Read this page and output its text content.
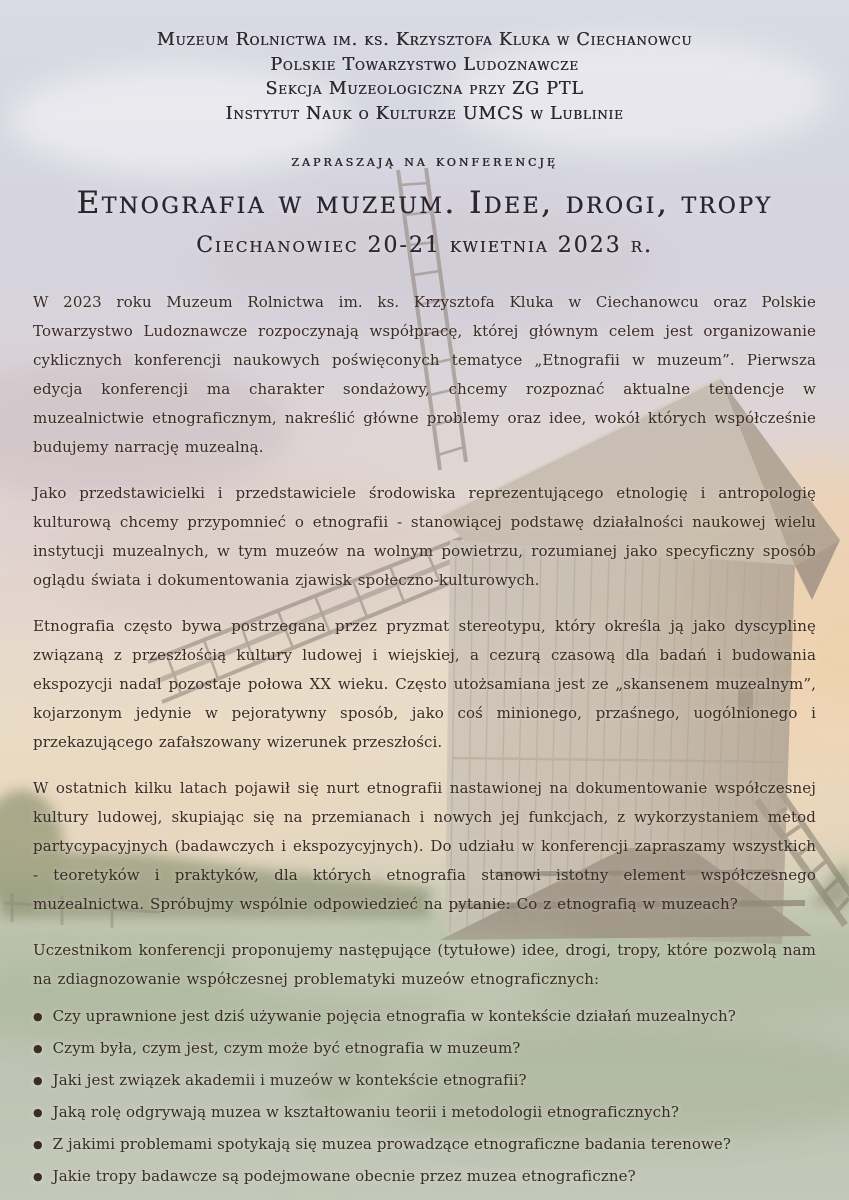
Muzeum Rolnictwa im. ks. Krzysztofa Kluka w Ciechanowcu
Polskie Towarzystwo Ludoznawcze
Sekcja Muzeologiczna przy ZG PTL
Instytut Nauk o Kulturze UMCS w Lublinie
zapraszają na konferencję
Etnografia w muzeum. Idee, drogi, tropy
Ciechanowiec 20-21 kwietnia 2023 r.

W 2023 roku Muzeum Rolnictwa im. ks. Krzysztofa Kluka w Ciechanowcu oraz Polskie Towarzystwo Ludoznawcze rozpoczynają współpracę, której głównym celem jest organizowanie cyklicznych konferencji naukowych poświęconych tematyce „Etnografii w muzeum”. Pierwsza edycja konferencji ma charakter sondażowy, chcemy rozpoznać aktualne tendencje w muzealnictwie etnograficznym, nakreślić główne problemy oraz idee, wokół których współcześnie budujemy narrację muzealną.

Jako przedstawicielki i przedstawiciele środowiska reprezentującego etnologię i antropologię kulturową chcemy przypomnieć o etnografii - stanowiącej podstawę działalności naukowej wielu instytucji muzealnych, w tym muzeów na wolnym powietrzu, rozumianej jako specyficzny sposób oglądu świata i dokumentowania zjawisk społeczno-kulturowych.

Etnografia często bywa postrzegana przez pryzmat stereotypu, który określa ją jako dyscyplinę związaną z przeszłością kultury ludowej i wiejskiej, a cezurą czasową dla badań i budowania ekspozycji nadal pozostaje połowa XX wieku. Często utożsamiana jest ze „skansenem muzealnym”, kojarzonym jedynie w pejoratywny sposób, jako coś minionego, przaśnego, uogólnionego i przekazującego zafałszowany wizerunek przeszłości.

W ostatnich kilku latach pojawił się nurt etnografii nastawionej na dokumentowanie współczesnej kultury ludowej, skupiając się na przemianach i nowych jej funkcjach, z wykorzystaniem metod partycypacyjnych (badawczych i ekspozycyjnych). Do udziału w konferencji zapraszamy wszystkich - teoretyków i praktyków, dla których etnografia stanowi istotny element współczesnego muzealnictwa. Spróbujmy wspólnie odpowiedzieć na pytanie: Co z etnografią w muzeach?

Uczestnikom konferencji proponujemy następujące (tytułowe) idee, drogi, tropy, które pozwolą nam na zdiagnozowanie współczesnej problematyki muzeów etnograficznych:

● Czy uprawnione jest dziś używanie pojęcia etnografia w kontekście działań muzealnych?
● Czym była, czym jest, czym może być etnografia w muzeum?
● Jaki jest związek akademii i muzeów w kontekście etnografii?
● Jaką rolę odgrywają muzea w kształtowaniu teorii i metodologii etnograficznych?
● Z jakimi problemami spotykają się muzea prowadzące etnograficzne badania terenowe?
● Jakie tropy badawcze są podejmowane obecnie przez muzea etnograficzne?
